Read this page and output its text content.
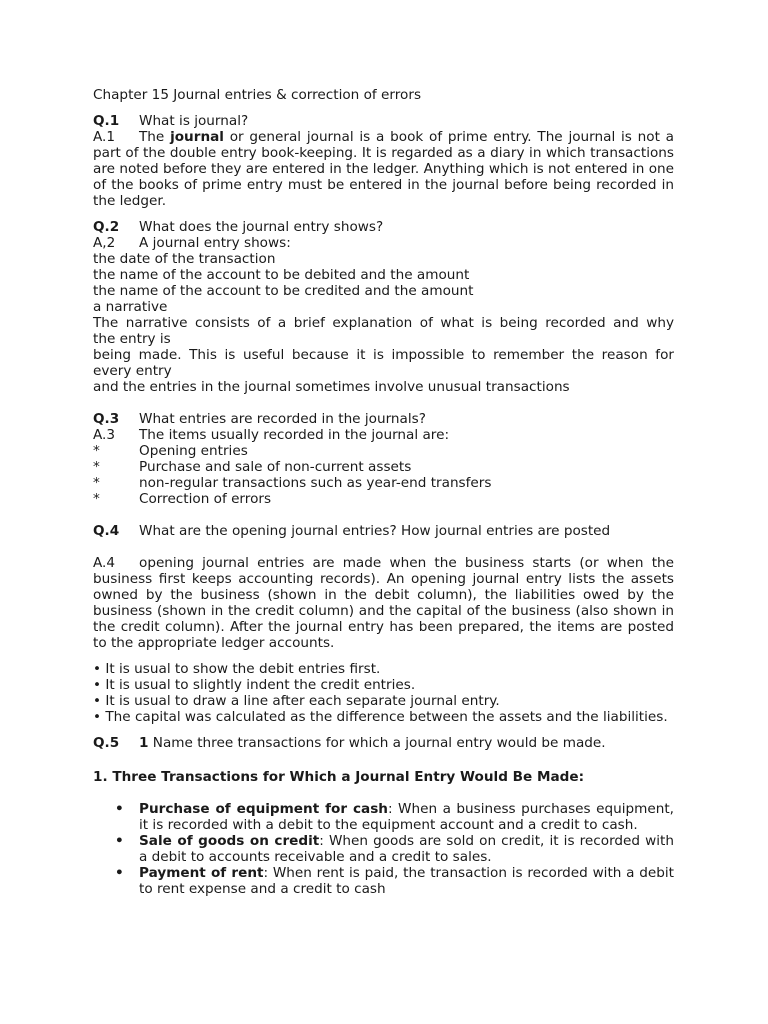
Chapter 15 Journal entries & correction of errors
Q.1 What is journal?
A.1 The journal or general journal is a book of prime entry. The journal is not a part of the double entry book-keeping. It is regarded as a diary in which transactions are noted before they are entered in the ledger. Anything which is not entered in one of the books of prime entry must be entered in the journal before being recorded in the ledger.
Q.2 What does the journal entry shows?
A,2 A journal entry shows:
the date of the transaction
the name of the account to be debited and the amount
the name of the account to be credited and the amount
a narrative
The narrative consists of a brief explanation of what is being recorded and why
the entry is
being made. This is useful because it is impossible to remember the reason for
every entry
and the entries in the journal sometimes involve unusual transactions
Q.3 What entries are recorded in the journals?
A.3 The items usually recorded in the journal are:
*	Opening entries
*	Purchase and sale of non-current assets
*	non-regular transactions such as year-end transfers
*	Correction of errors
Q.4 What are the opening journal entries? How journal entries are posted
A.4 opening journal entries are made when the business starts (or when the business first keeps accounting records). An opening journal entry lists the assets owned by the business (shown in the debit column), the liabilities owed by the business (shown in the credit column) and the capital of the business (also shown in the credit column). After the journal entry has been prepared, the items are posted to the appropriate ledger accounts.
• It is usual to show the debit entries first.
• It is usual to slightly indent the credit entries.
• It is usual to draw a line after each separate journal entry.
• The capital was calculated as the difference between the assets and the liabilities.
Q.5 1 Name three transactions for which a journal entry would be made.
1. Three Transactions for Which a Journal Entry Would Be Made:
•	Purchase of equipment for cash: When a business purchases equipment, it is recorded with a debit to the equipment account and a credit to cash.
•	Sale of goods on credit: When goods are sold on credit, it is recorded with a debit to accounts receivable and a credit to sales.
•	Payment of rent: When rent is paid, the transaction is recorded with a debit to rent expense and a credit to cash
